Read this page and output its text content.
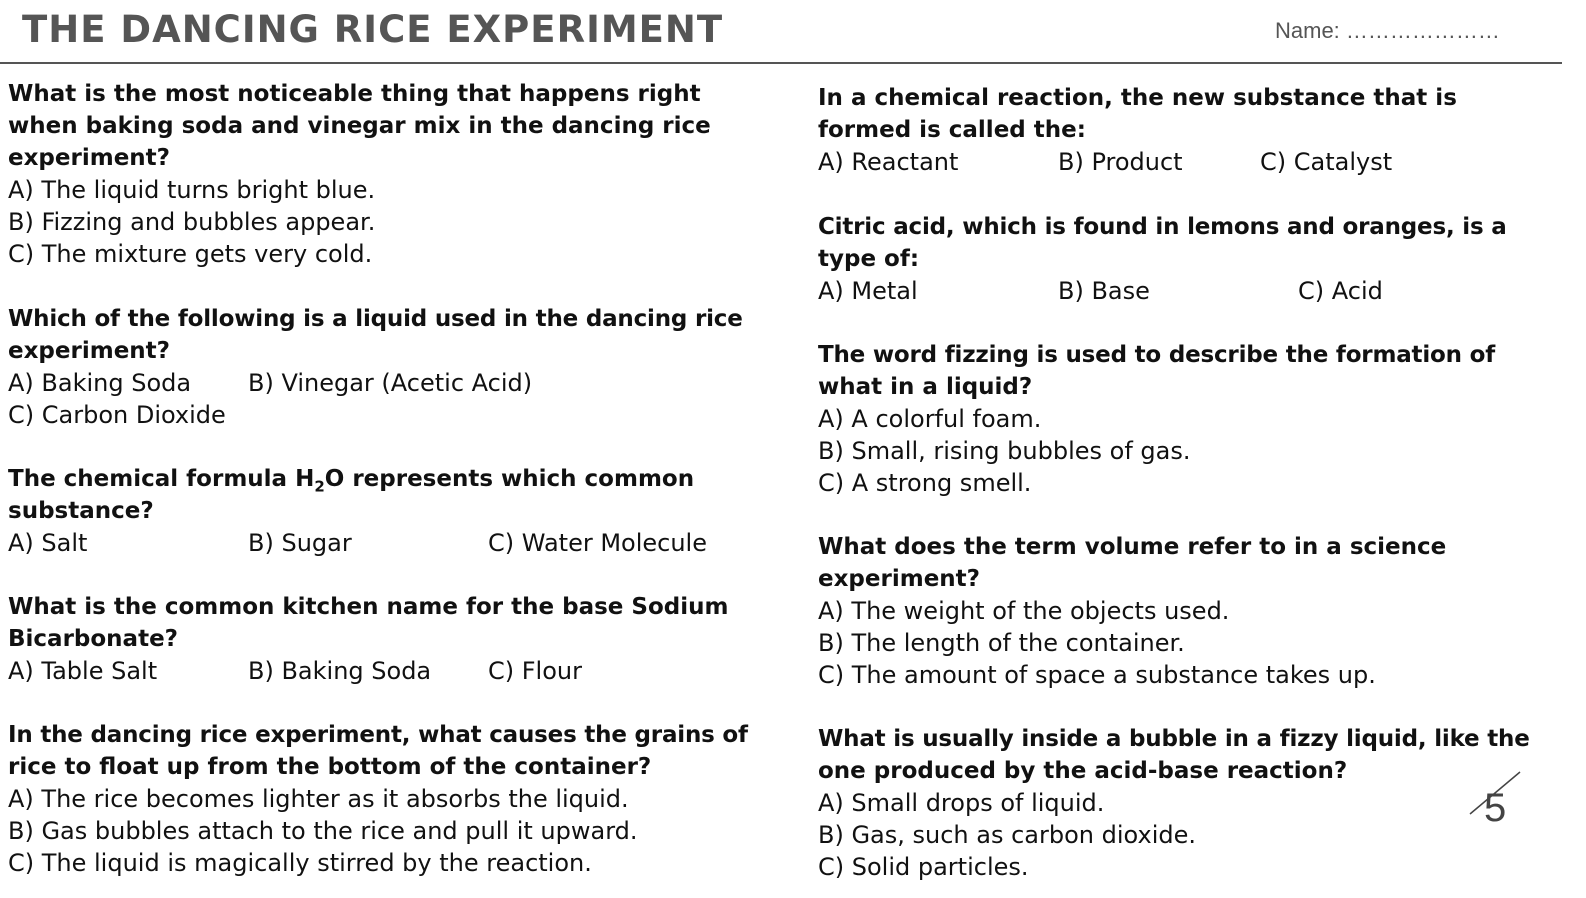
THE DANCING RICE EXPERIMENT	Name: …………………
What is the most noticeable thing that happens right
when baking soda and vinegar mix in the dancing rice
experiment?
A) The liquid turns bright blue.
B) Fizzing and bubbles appear.
C) The mixture gets very cold.
Which of the following is a liquid used in the dancing rice
experiment?
A) Baking Soda B) Vinegar (Acetic Acid)
C) Carbon Dioxide
The chemical formula $H_2O$ represents which common
substance?
A) Salt	B) Sugar	C) Water Molecule
What is the common kitchen name for the base Sodium
Bicarbonate?
A) Table Salt	B) Baking Soda C) Flour
In the dancing rice experiment, what causes the grains of
rice to float up from the bottom of the container?
A) The rice becomes lighter as it absorbs the liquid.
B) Gas bubbles attach to the rice and pull it upward.
C) The liquid is magically stirred by the reaction.
In a chemical reaction, the new substance that is
formed is called the:
A) Reactant	B) Product	C) Catalyst
Citric acid, which is found in lemons and oranges, is a
type of:
A) Metal	B) Base	C) Acid
The word fizzing is used to describe the formation of
what in a liquid?
A) A colorful foam.
B) Small, rising bubbles of gas.
C) A strong smell.
What does the term volume refer to in a science
experiment?
A) The weight of the objects used.
B) The length of the container.
C) The amount of space a substance takes up.
What is usually inside a bubble in a fizzy liquid, like the
one produced by the acid-base reaction?
A) Small drops of liquid.
B) Gas, such as carbon dioxide.
C) Solid particles.
5
